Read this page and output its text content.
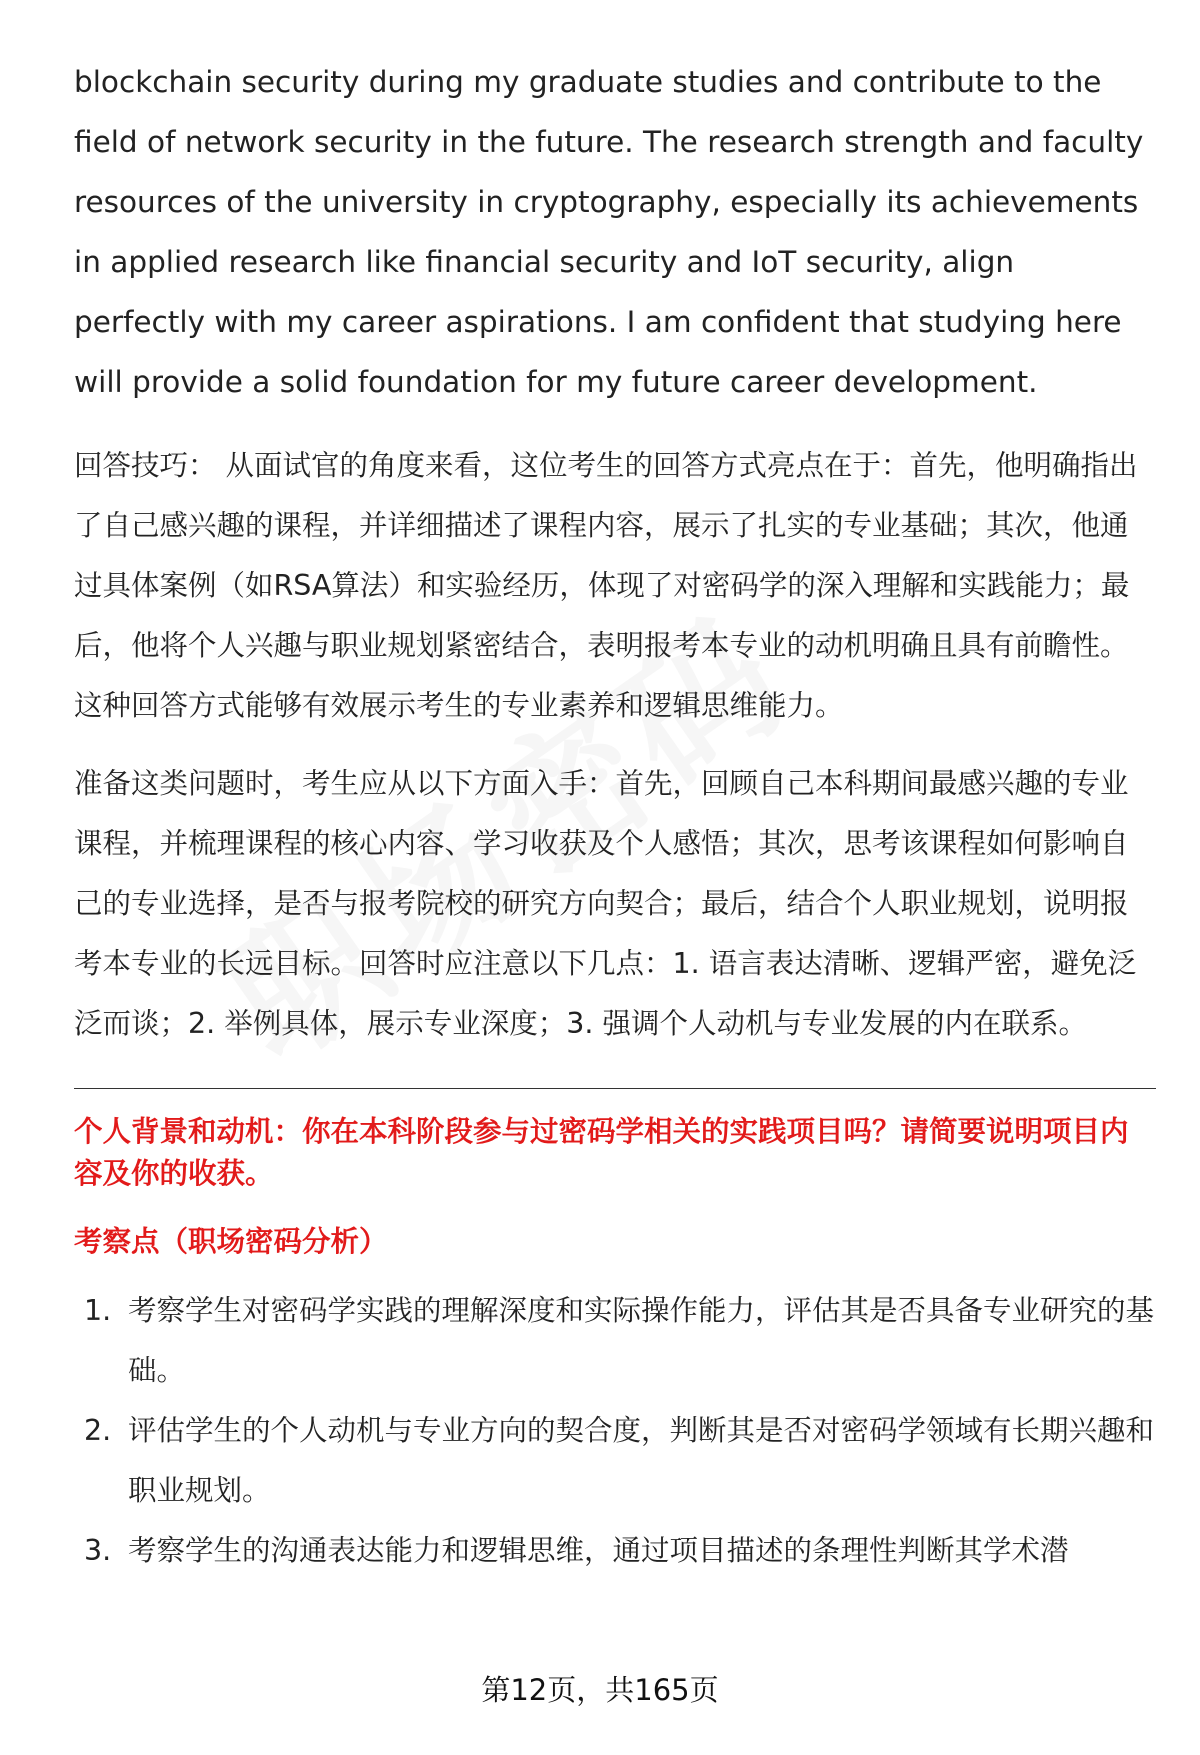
blockchain security during my graduate studies and contribute to the field of network security in the future. The research strength and faculty resources of the university in cryptography, especially its achievements in applied research like financial security and IoT security, align perfectly with my career aspirations. I am confident that studying here will provide a solid foundation for my future career development.

回答技巧： 从面试官的角度来看，这位考生的回答方式亮点在于：首先，他明确指出了自己感兴趣的课程，并详细描述了课程内容，展示了扎实的专业基础；其次，他通过具体案例（如RSA算法）和实验经历，体现了对密码学的深入理解和实践能力；最后，他将个人兴趣与职业规划紧密结合，表明报考本专业的动机明确且具有前瞻性。这种回答方式能够有效展示考生的专业素养和逻辑思维能力。

准备这类问题时，考生应从以下方面入手：首先，回顾自己本科期间最感兴趣的专业课程，并梳理课程的核心内容、学习收获及个人感悟；其次，思考该课程如何影响自己的专业选择，是否与报考院校的研究方向契合；最后，结合个人职业规划，说明报考本专业的长远目标。回答时应注意以下几点：1. 语言表达清晰、逻辑严密，避免泛泛而谈；2. 举例具体，展示专业深度；3. 强调个人动机与专业发展的内在联系。

个人背景和动机：你在本科阶段参与过密码学相关的实践项目吗？请简要说明项目内容及你的收获。

考察点（职场密码分析）

1. 考察学生对密码学实践的理解深度和实际操作能力，评估其是否具备专业研究的基础。
2. 评估学生的个人动机与专业方向的契合度，判断其是否对密码学领域有长期兴趣和职业规划。
3. 考察学生的沟通表达能力和逻辑思维，通过项目描述的条理性判断其学术潜
第12页，共165页
